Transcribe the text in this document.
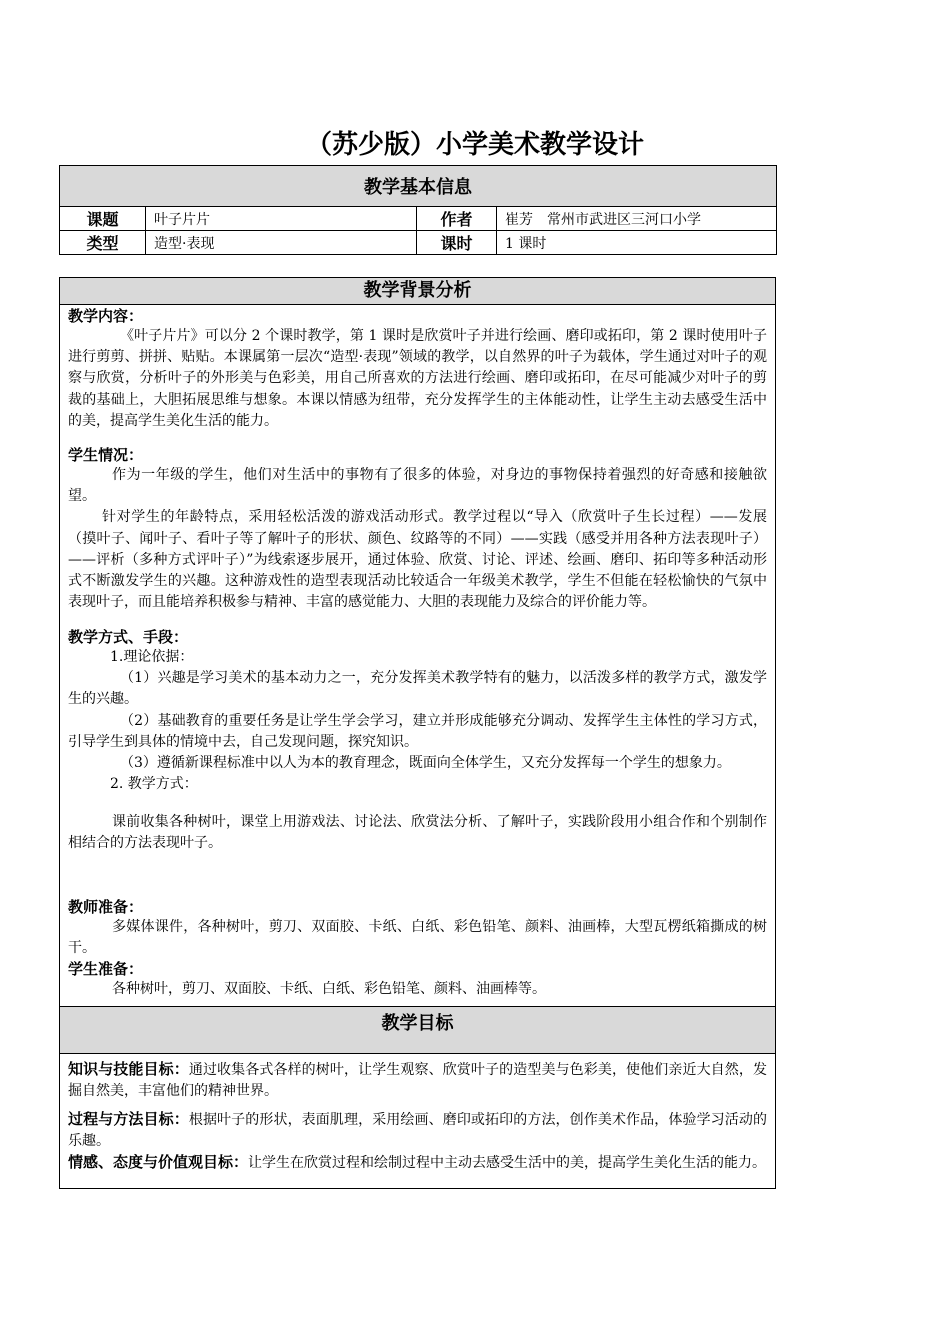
（苏少版）小学美术教学设计
教学基本信息			
课题	叶子片片	作者	崔芳　常州市武进区三河口小学
类型	造型·表现	课时	1 课时
教学背景分析
教学内容：

《叶子片片》可以分 2 个课时教学，第 1 课时是欣赏叶子并进行绘画、磨印或拓印，第 2 课时使用叶子进行剪剪、拼拼、贴贴。本课属第一层次“造型·表现”领域的教学，以自然界的叶子为载体，学生通过对叶子的观察与欣赏，分析叶子的外形美与色彩美，用自己所喜欢的方法进行绘画、磨印或拓印，在尽可能减少对叶子的剪裁的基础上，大胆拓展思维与想象。本课以情感为纽带，充分发挥学生的主体能动性，让学生主动去感受生活中的美，提高学生美化生活的能力。

学生情况：

作为一年级的学生，他们对生活中的事物有了很多的体验，对身边的事物保持着强烈的好奇感和接触欲望。

针对学生的年龄特点，采用轻松活泼的游戏活动形式。教学过程以“导入（欣赏叶子生长过程）——发展（摸叶子、闻叶子、看叶子等了解叶子的形状、颜色、纹路等的不同）——实践（感受并用各种方法表现叶子）——评析（多种方式评叶子）”为线索逐步展开，通过体验、欣赏、讨论、评述、绘画、磨印、拓印等多种活动形式不断激发学生的兴趣。这种游戏性的造型表现活动比较适合一年级美术教学，学生不但能在轻松愉快的气氛中表现叶子，而且能培养积极参与精神、丰富的感觉能力、大胆的表现能力及综合的评价能力等。

教学方式、手段：

1.理论依据：

（1）兴趣是学习美术的基本动力之一，充分发挥美术教学特有的魅力，以活泼多样的教学方式，激发学生的兴趣。

（2）基础教育的重要任务是让学生学会学习，建立并形成能够充分调动、发挥学生主体性的学习方式，引导学生到具体的情境中去，自己发现问题，探究知识。

（3）遵循新课程标准中以人为本的教育理念，既面向全体学生，又充分发挥每一个学生的想象力。

2. 教学方式：

课前收集各种树叶，课堂上用游戏法、讨论法、欣赏法分析、了解叶子，实践阶段用小组合作和个别制作相结合的方法表现叶子。

教师准备：

多媒体课件，各种树叶，剪刀、双面胶、卡纸、白纸、彩色铅笔、颜料、油画棒，大型瓦楞纸箱撕成的树干。

学生准备：

各种树叶，剪刀、双面胶、卡纸、白纸、彩色铅笔、颜料、油画棒等。

教学目标

知识与技能目标：通过收集各式各样的树叶，让学生观察、欣赏叶子的造型美与色彩美，使他们亲近大自然，发掘自然美，丰富他们的精神世界。

过程与方法目标：根据叶子的形状，表面肌理，采用绘画、磨印或拓印的方法，创作美术作品，体验学习活动的乐趣。

情感、态度与价值观目标：让学生在欣赏过程和绘制过程中主动去感受生活中的美，提高学生美化生活的能力。
